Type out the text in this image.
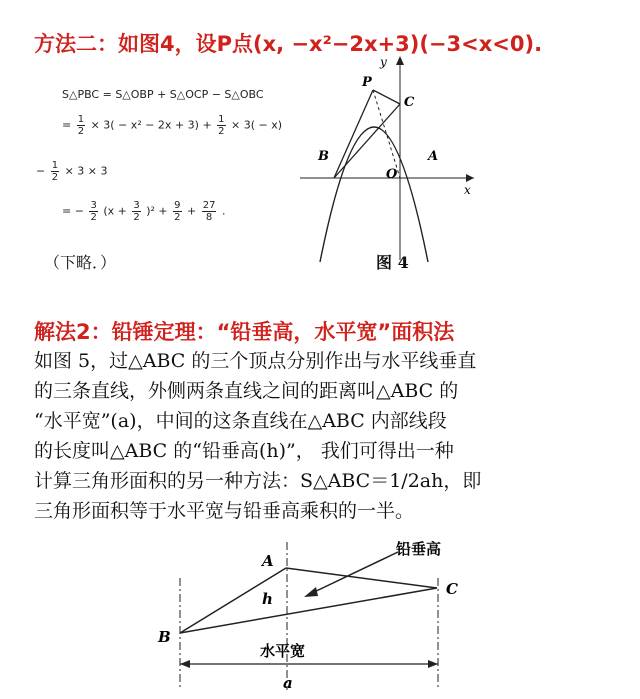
方法二：如图4，设P点(x, −x²−2x+3)(−3<x<0).
S△PBC = S△OBP + S△OCP − S△OBC
= $\frac{1}{2} \times 3( - x^2 - 2x + 3) + \frac{1}{2} \times 3( - x)$
− $\frac{1}{2} \times 3 \times 3$
= − $\frac{3}{2} (x + \frac{3}{2} )^2 + \frac{9}{2} + \frac{27}{8}$ .
（下略．）
y
x
P
C
B	A
O
图 4
解法2：铅锤定理：“铅垂高，水平宽”面积法
如图 5，过△ABC 的三个顶点分别作出与水平线垂直
的三条直线，外侧两条直线之间的距离叫△ABC 的
“水平宽”(a)，中间的这条直线在△ABC 内部线段
的长度叫△ABC 的“铅垂高(h)”， 我们可得出一种
计算三角形面积的另一种方法：S△ABC＝1/2ah，即
三角形面积等于水平宽与铅垂高乘积的一半。
A
B
C
h
铅垂高
水平宽
a
